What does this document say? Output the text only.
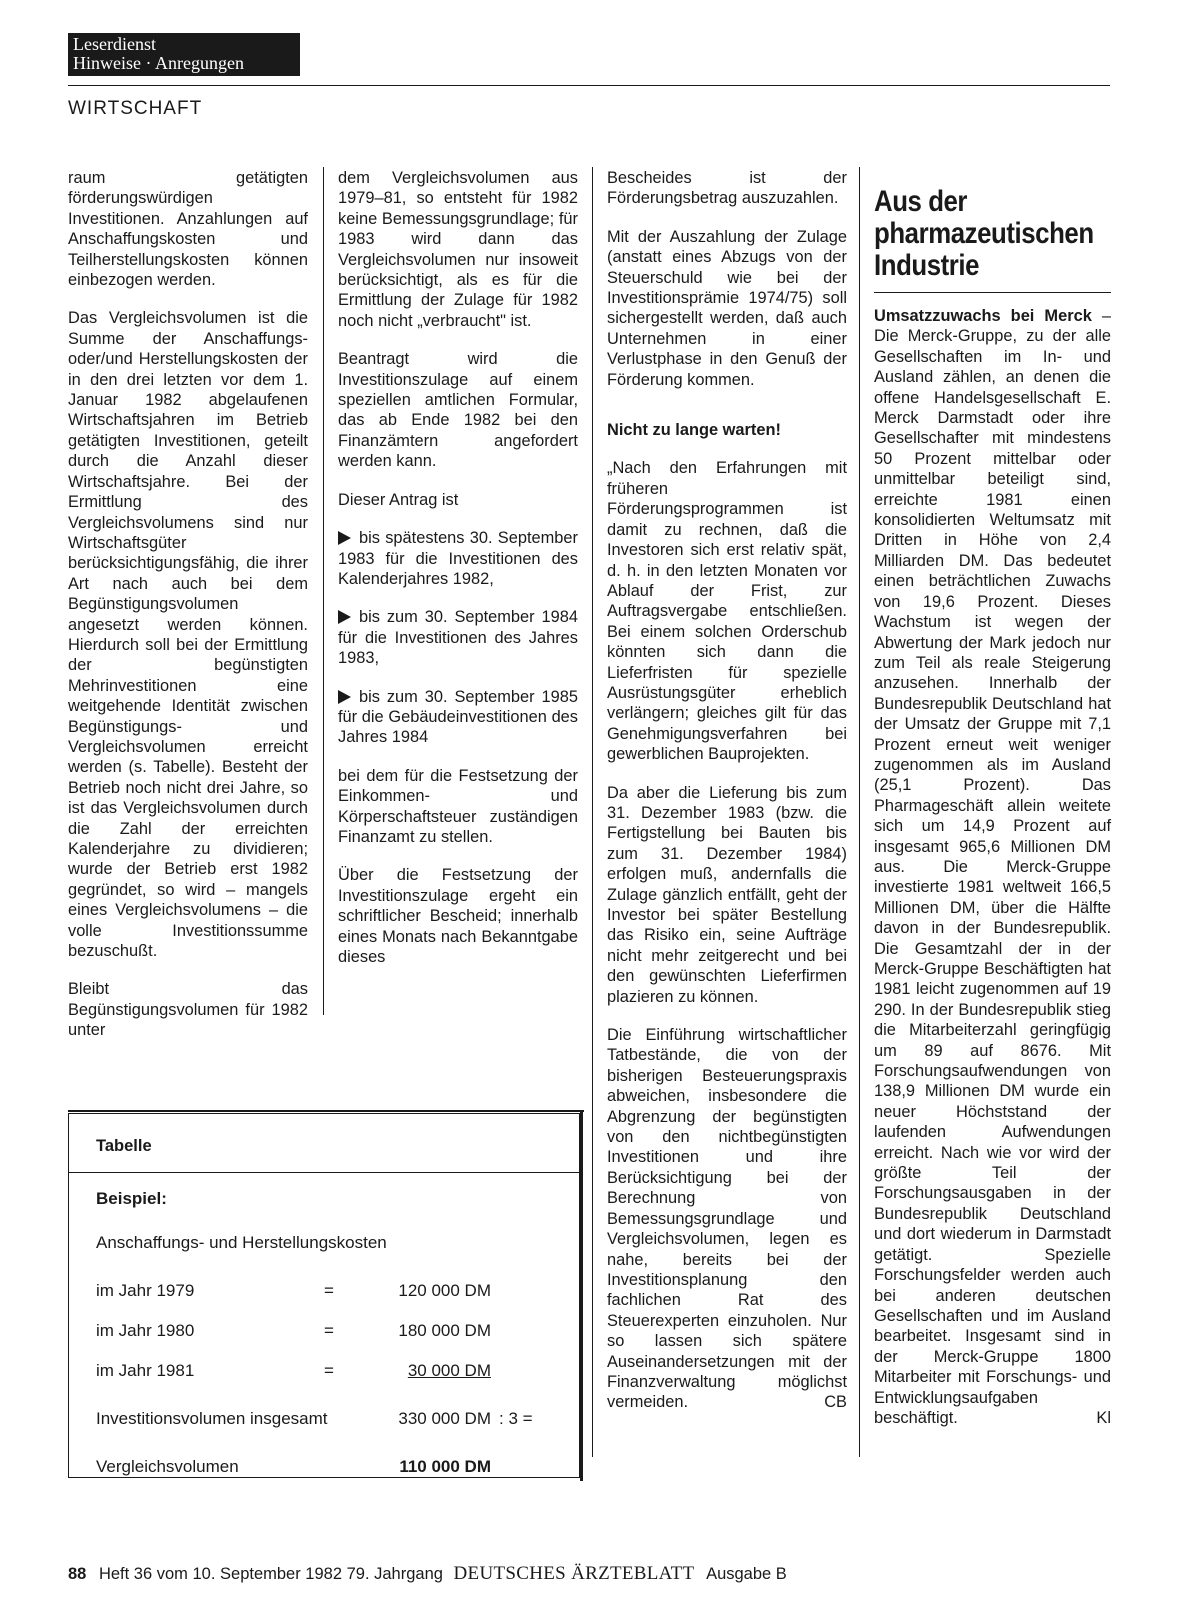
Leserdienst
Hinweise · Anregungen
WIRTSCHAFT

raum getätigten förderungswürdigen Investitionen. Anzahlungen auf Anschaffungskosten und Teilherstellungskosten können einbezogen werden.

Das Vergleichsvolumen ist die Summe der Anschaffungs- oder/und Herstellungskosten der in den drei letzten vor dem 1. Januar 1982 abgelaufenen Wirtschaftsjahren im Betrieb getätigten Investitionen, geteilt durch die Anzahl dieser Wirtschaftsjahre. Bei der Ermittlung des Vergleichsvolumens sind nur Wirtschaftsgüter berücksichtigungsfähig, die ihrer Art nach auch bei dem Begünstigungsvolumen angesetzt werden können. Hierdurch soll bei der Ermittlung der begünstigten Mehrinvestitionen eine weitgehende Identität zwischen Begünstigungs- und Vergleichsvolumen erreicht werden (s. Tabelle). Besteht der Betrieb noch nicht drei Jahre, so ist das Vergleichsvolumen durch die Zahl der erreichten Kalenderjahre zu dividieren; wurde der Betrieb erst 1982 gegründet, so wird – mangels eines Vergleichsvolumens – die volle Investitionssumme bezuschußt.

Bleibt das Begünstigungsvolumen für 1982 unter

dem Vergleichsvolumen aus 1979–81, so entsteht für 1982 keine Bemessungsgrundlage; für 1983 wird dann das Vergleichsvolumen nur insoweit berücksichtigt, als es für die Ermittlung der Zulage für 1982 noch nicht „verbraucht" ist.

Beantragt wird die Investitionszulage auf einem speziellen amtlichen Formular, das ab Ende 1982 bei den Finanzämtern angefordert werden kann.

Dieser Antrag ist

bis spätestens 30. September 1983 für die Investitionen des Kalenderjahres 1982,

bis zum 30. September 1984 für die Investitionen des Jahres 1983,

bis zum 30. September 1985 für die Gebäudeinvestitionen des Jahres 1984

bei dem für die Festsetzung der Einkommen- und Körperschaftsteuer zuständigen Finanzamt zu stellen.

Über die Festsetzung der Investitionszulage ergeht ein schriftlicher Bescheid; innerhalb eines Monats nach Bekanntgabe dieses

Bescheides ist der Förderungsbetrag auszuzahlen.

Mit der Auszahlung der Zulage (anstatt eines Abzugs von der Steuerschuld wie bei der Investitionsprämie 1974/75) soll sichergestellt werden, daß auch Unternehmen in einer Verlustphase in den Genuß der Förderung kommen.

Nicht zu lange warten!

„Nach den Erfahrungen mit früheren Förderungsprogrammen ist damit zu rechnen, daß die Investoren sich erst relativ spät, d. h. in den letzten Monaten vor Ablauf der Frist, zur Auftragsvergabe entschließen. Bei einem solchen Orderschub könnten sich dann die Lieferfristen für spezielle Ausrüstungsgüter erheblich verlängern; gleiches gilt für das Genehmigungsverfahren bei gewerblichen Bauprojekten.

Da aber die Lieferung bis zum 31. Dezember 1983 (bzw. die Fertigstellung bei Bauten bis zum 31. Dezember 1984) erfolgen muß, andernfalls die Zulage gänzlich entfällt, geht der Investor bei später Bestellung das Risiko ein, seine Aufträge nicht mehr zeitgerecht und bei den gewünschten Lieferfirmen plazieren zu können.

Die Einführung wirtschaftlicher Tatbestände, die von der bisherigen Besteuerungspraxis abweichen, insbesondere die Abgrenzung der begünstigten von den nichtbegünstigten Investitionen und ihre Berücksichtigung bei der Berechnung von Bemessungsgrundlage und Vergleichsvolumen, legen es nahe, bereits bei der Investitionsplanung den fachlichen Rat des Steuerexperten einzuholen. Nur so lassen sich spätere Auseinandersetzungen mit der Finanzverwaltung möglichst vermeiden.	CB

Aus der pharmazeutischen Industrie

Umsatzzuwachs bei Merck – Die Merck-Gruppe, zu der alle Gesellschaften im In- und Ausland zählen, an denen die offene Handelsgesellschaft E. Merck Darmstadt oder ihre Gesellschafter mit mindestens 50 Prozent mittelbar oder unmittelbar beteiligt sind, erreichte 1981 einen konsolidierten Weltumsatz mit Dritten in Höhe von 2,4 Milliarden DM. Das bedeutet einen beträchtlichen Zuwachs von 19,6 Prozent. Dieses Wachstum ist wegen der Abwertung der Mark jedoch nur zum Teil als reale Steigerung anzusehen. Innerhalb der Bundesrepublik Deutschland hat der Umsatz der Gruppe mit 7,1 Prozent erneut weit weniger zugenommen als im Ausland (25,1 Prozent). Das Pharmageschäft allein weitete sich um 14,9 Prozent auf insgesamt 965,6 Millionen DM aus. Die Merck-Gruppe investierte 1981 weltweit 166,5 Millionen DM, über die Hälfte davon in der Bundesrepublik. Die Gesamtzahl der in der Merck-Gruppe Beschäftigten hat 1981 leicht zugenommen auf 19 290. In der Bundesrepublik stieg die Mitarbeiterzahl geringfügig um 89 auf 8676. Mit Forschungsaufwendungen von 138,9 Millionen DM wurde ein neuer Höchststand der laufenden Aufwendungen erreicht. Nach wie vor wird der größte Teil der Forschungsausgaben in der Bundesrepublik Deutschland und dort wiederum in Darmstadt getätigt. Spezielle Forschungsfelder werden auch bei anderen deutschen Gesellschaften und im Ausland bearbeitet. Insgesamt sind in der Merck-Gruppe 1800 Mitarbeiter mit Forschungs- und Entwicklungsaufgaben beschäftigt.	Kl

Tabelle
Beispiel:
Anschaffungs- und Herstellungskosten
im Jahr 1979	=	120 000 DM
im Jahr 1980	=	180 000 DM
im Jahr 1981	=	30 000 DM
Investitionsvolumen insgesamt	330 000 DM : 3 =
Vergleichsvolumen	110 000 DM
88 Heft 36 vom 10. September 1982 79. Jahrgang DEUTSCHES ÄRZTEBLATT Ausgabe B
